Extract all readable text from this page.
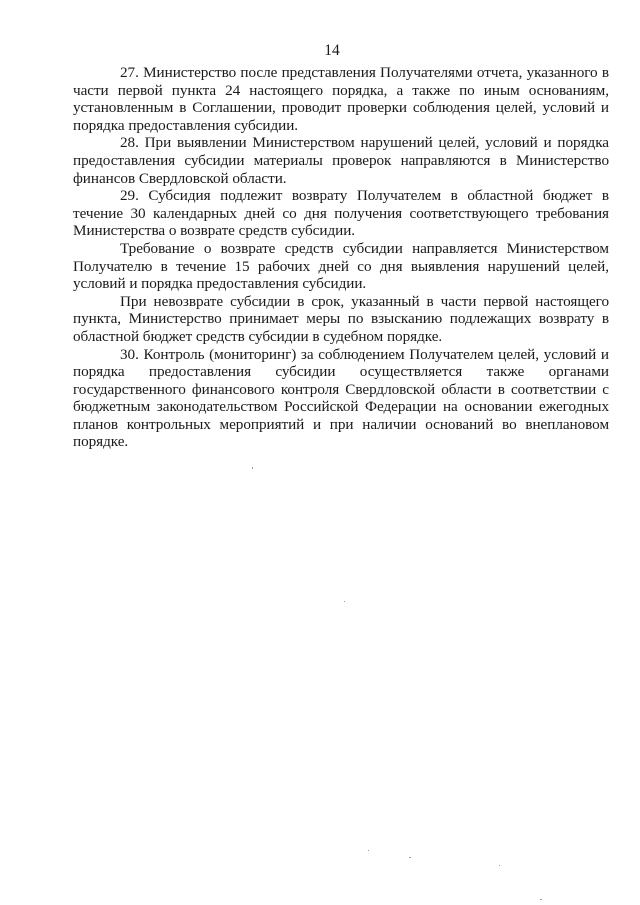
14

27. Министерство после представления Получателями отчета, указанного в части первой пункта 24 настоящего порядка, а также по иным основаниям, установленным в Соглашении, проводит проверки соблюдения целей, условий и порядка предоставления субсидии.

28. При выявлении Министерством нарушений целей, условий и порядка предоставления субсидии материалы проверок направляются в Министерство финансов Свердловской области.

29. Субсидия подлежит возврату Получателем в областной бюджет в течение 30 календарных дней со дня получения соответствующего требования Министерства о возврате средств субсидии.

Требование о возврате средств субсидии направляется Министерством Получателю в течение 15 рабочих дней со дня выявления нарушений целей, условий и порядка предоставления субсидии.

При невозврате субсидии в срок, указанный в части первой настоящего пункта, Министерство принимает меры по взысканию подлежащих возврату в областной бюджет средств субсидии в судебном порядке.

30. Контроль (мониторинг) за соблюдением Получателем целей, условий и порядка предоставления субсидии осуществляется также органами государственного финансового контроля Свердловской области в соответствии с бюджетным законодательством Российской Федерации на основании ежегодных планов контрольных мероприятий и при наличии оснований во внеплановом порядке.
